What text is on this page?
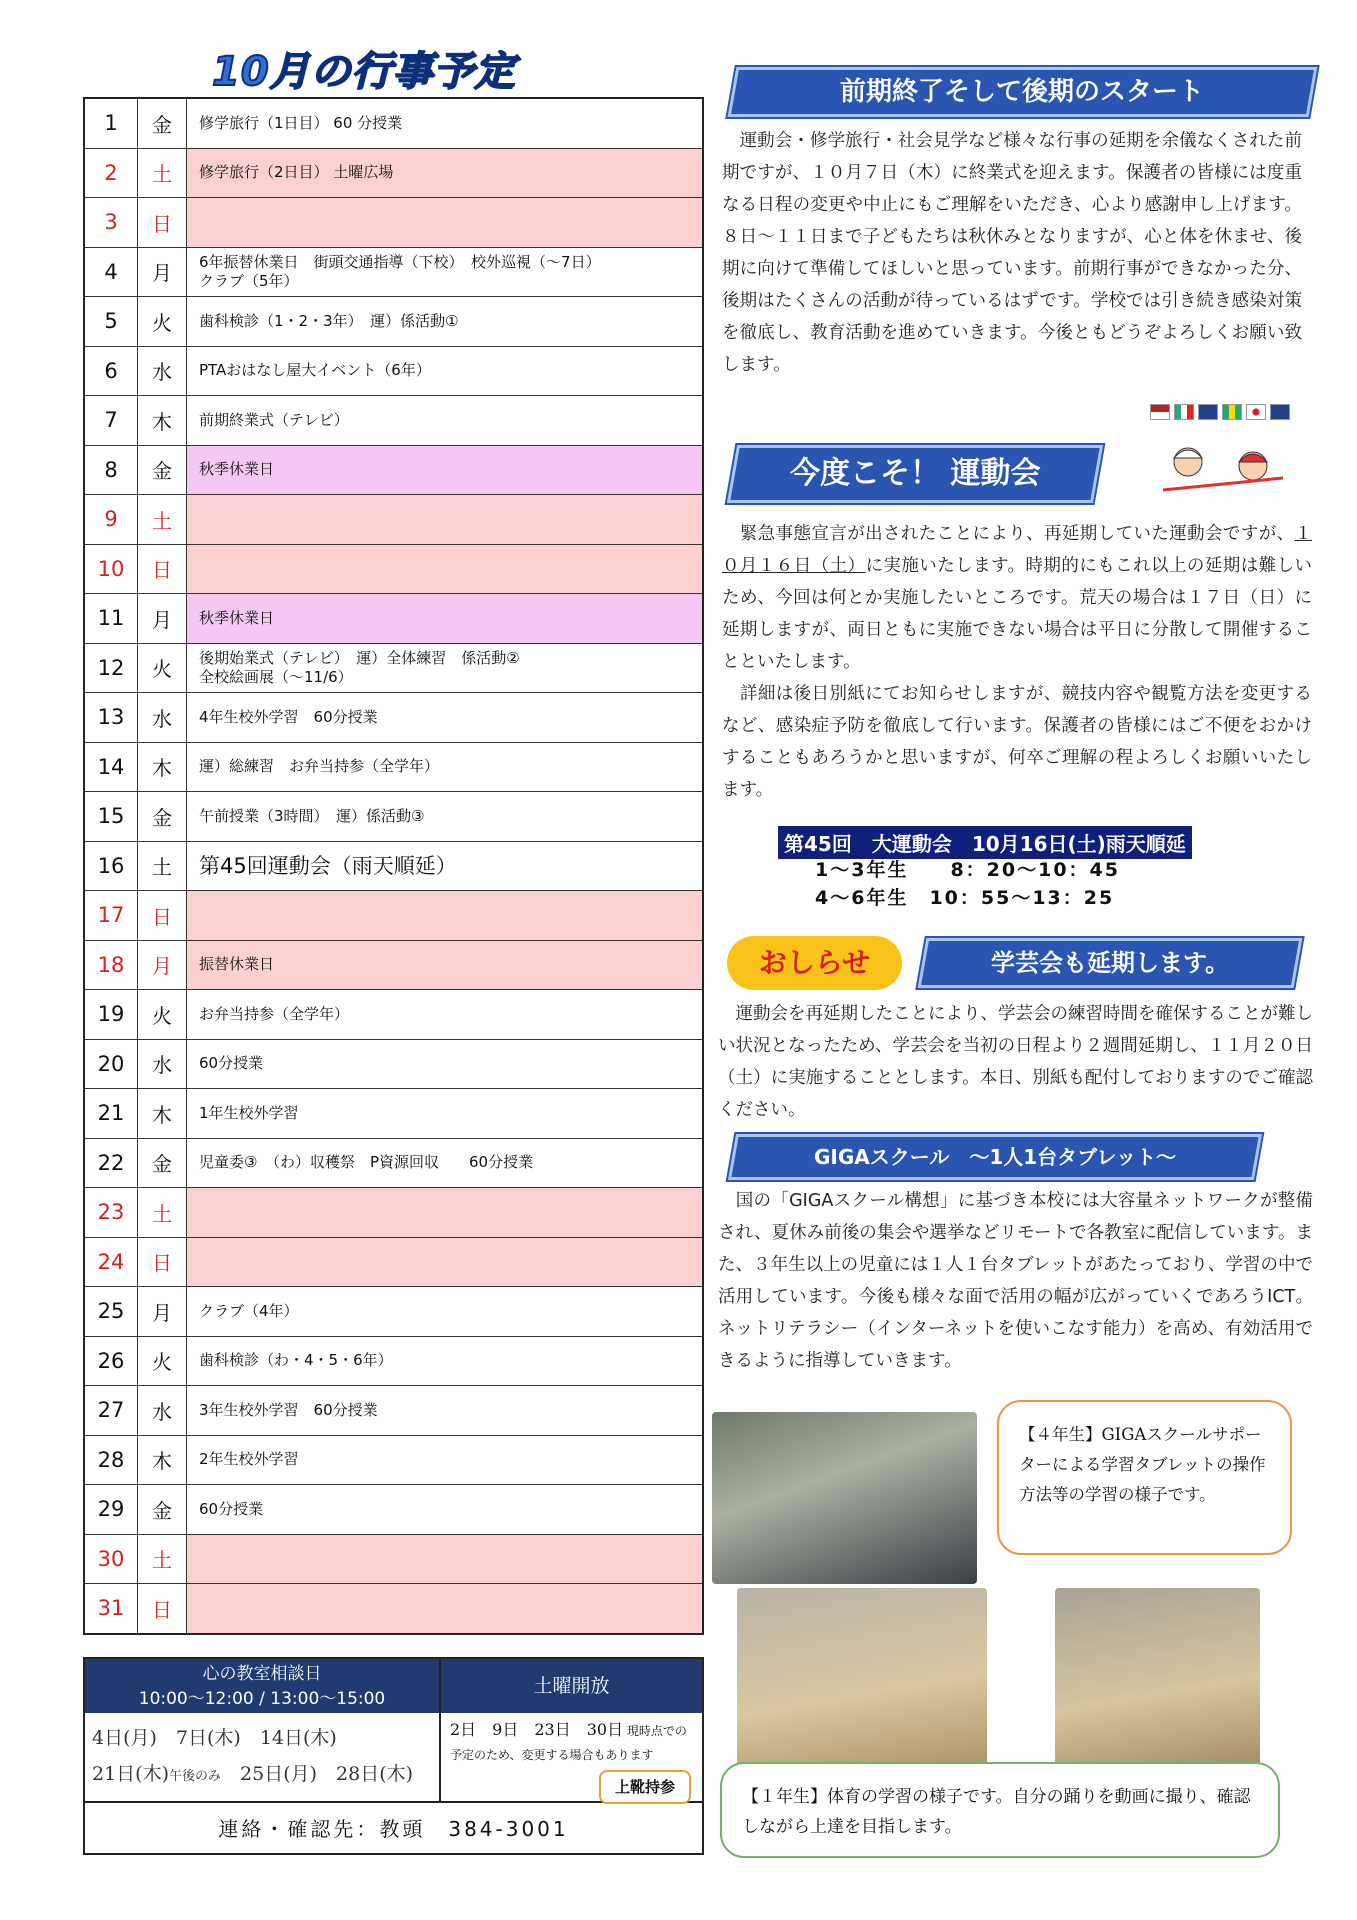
10月の行事予定
1	金	修学旅行（1日目） 60 分授業
2	土	修学旅行（2日目） 土曜広場
3	日	
4	月	6年振替休業日　街頭交通指導（下校）　校外巡視（～7日）
クラブ（5年）
5	火	歯科検診（1・2・3年）　運）係活動①
6	水	PTAおはなし屋大イベント（6年）
7	木	前期終業式（テレビ）
8	金	秋季休業日
9	土	
10	日	
11	月	秋季休業日
12	火	後期始業式（テレビ）　運）全体練習　係活動②
全校絵画展（～11/6）
13	水	4年生校外学習　60分授業
14	木	運）総練習　お弁当持参（全学年）
15	金	午前授業（3時間）　運）係活動③
16	土	第45回運動会（雨天順延）
17	日	
18	月	振替休業日
19	火	お弁当持参（全学年）
20	水	60分授業
21	木	1年生校外学習
22	金	児童委③　（わ）収穫祭　P資源回収　　60分授業
23	土	
24	日	
25	月	クラブ（4年）
26	火	歯科検診（わ・4・5・6年）
27	水	3年生校外学習　60分授業
28	木	2年生校外学習
29	金	60分授業
30	土	
31	日	
心の教室相談日
10:00～12:00 / 13:00～15:00
土曜開放
4日(月)　7日(木)　14日(木)
21日(木)午後のみ　 25日(月)　28日(木)
2日　9日　23日　30日 現時点での予定のため、変更する場合もあります
上靴持参
連絡・確認先：教頭　384-3001
前期終了そして後期のスタート
　運動会・修学旅行・社会見学など様々な行事の延期を余儀なくされた前期ですが、１０月７日（木）に終業式を迎えます。保護者の皆様には度重なる日程の変更や中止にもご理解をいただき、心より感謝申し上げます。８日～１１日まで子どもたちは秋休みとなりますが、心と体を休ませ、後期に向けて準備してほしいと思っています。前期行事ができなかった分、後期はたくさんの活動が待っているはずです。学校では引き続き感染対策を徹底し、教育活動を進めていきます。今後ともどうぞよろしくお願い致します。
今度こそ！ 運動会
　緊急事態宣言が出されたことにより、再延期していた運動会ですが、１０月１６日（土）に実施いたします。時期的にもこれ以上の延期は難しいため、今回は何とか実施したいところです。荒天の場合は１７日（日）に延期しますが、両日ともに実施できない場合は平日に分散して開催することといたします。
　詳細は後日別紙にてお知らせしますが、競技内容や観覧方法を変更するなど、感染症予防を徹底して行います。保護者の皆様にはご不便をおかけすることもあろうかと思いますが、何卒ご理解の程よろしくお願いいたします。
第45回　大運動会　10月16日(土)雨天順延
1～3年生　　8：20～10：45
4～6年生　10：55～13：25
おしらせ	学芸会も延期します。
　運動会を再延期したことにより、学芸会の練習時間を確保することが難しい状況となったため、学芸会を当初の日程より２週間延期し、１１月２０日（土）に実施することとします。本日、別紙も配付しておりますのでご確認ください。
GIGAスクール　～1人1台タブレット～
　国の「GIGAスクール構想」に基づき本校には大容量ネットワークが整備され、夏休み前後の集会や選挙などリモートで各教室に配信しています。また、３年生以上の児童には１人１台タブレットがあたっており、学習の中で活用しています。今後も様々な面で活用の幅が広がっていくであろうICT。ネットリテラシー（インターネットを使いこなす能力）を高め、有効活用できるように指導していきます。
【４年生】GIGAスクールサポーターによる学習タブレットの操作方法等の学習の様子です。
【１年生】体育の学習の様子です。自分の踊りを動画に撮り、確認しながら上達を目指します。
